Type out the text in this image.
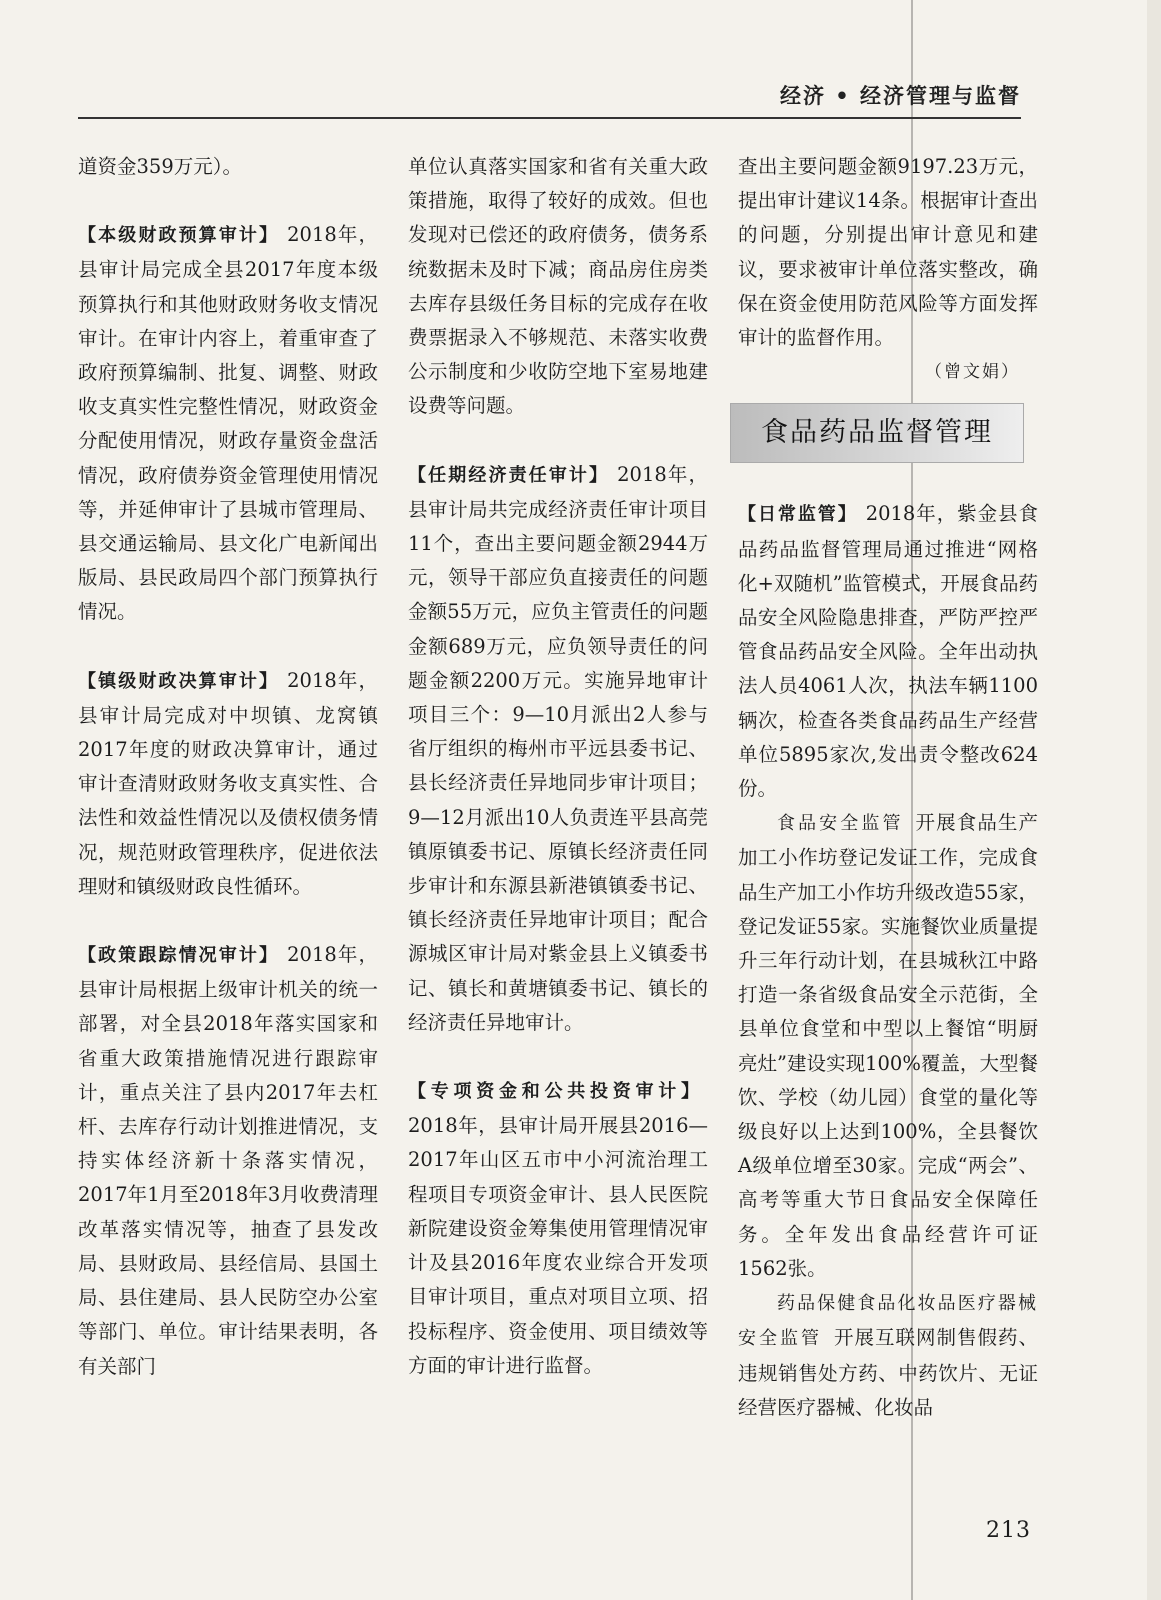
经济 • 经济管理与监督

道资金359万元）。

【本级财政预算审计】 2018年，县审计局完成全县2017年度本级预算执行和其他财政财务收支情况审计。在审计内容上，着重审查了政府预算编制、批复、调整、财政收支真实性完整性情况，财政资金分配使用情况，财政存量资金盘活情况，政府债券资金管理使用情况等，并延伸审计了县城市管理局、县交通运输局、县文化广电新闻出版局、县民政局四个部门预算执行情况。

【镇级财政决算审计】 2018年，县审计局完成对中坝镇、龙窝镇2017年度的财政决算审计，通过审计查清财政财务收支真实性、合法性和效益性情况以及债权债务情况，规范财政管理秩序，促进依法理财和镇级财政良性循环。

【政策跟踪情况审计】 2018年，县审计局根据上级审计机关的统一部署，对全县2018年落实国家和省重大政策措施情况进行跟踪审计，重点关注了县内2017年去杠杆、去库存行动计划推进情况，支持实体经济新十条落实情况，2017年1月至2018年3月收费清理改革落实情况等，抽查了县发改局、县财政局、县经信局、县国土局、县住建局、县人民防空办公室等部门、单位。审计结果表明，各有关部门

单位认真落实国家和省有关重大政策措施，取得了较好的成效。但也发现对已偿还的政府债务，债务系统数据未及时下减；商品房住房类去库存县级任务目标的完成存在收费票据录入不够规范、未落实收费公示制度和少收防空地下室易地建设费等问题。

【任期经济责任审计】 2018年，县审计局共完成经济责任审计项目11个，查出主要问题金额2944万元，领导干部应负直接责任的问题金额55万元，应负主管责任的问题金额689万元，应负领导责任的问题金额2200万元。实施异地审计项目三个：9—10月派出2人参与省厅组织的梅州市平远县委书记、县长经济责任异地同步审计项目；9—12月派出10人负责连平县高莞镇原镇委书记、原镇长经济责任同步审计和东源县新港镇镇委书记、镇长经济责任异地审计项目；配合源城区审计局对紫金县上义镇委书记、镇长和黄塘镇委书记、镇长的经济责任异地审计。

【专项资金和公共投资审计】2018年，县审计局开展县2016—2017年山区五市中小河流治理工程项目专项资金审计、县人民医院新院建设资金筹集使用管理情况审计及县2016年度农业综合开发项目审计项目，重点对项目立项、招投标程序、资金使用、项目绩效等方面的审计进行监督。

查出主要问题金额9197.23万元，提出审计建议14条。根据审计查出的问题，分别提出审计意见和建议，要求被审计单位落实整改，确保在资金使用防范风险等方面发挥审计的监督作用。

（曾文娟）
食品药品监督管理

【日常监管】 2018年，紫金县食品药品监督管理局通过推进“网格化+双随机”监管模式，开展食品药品安全风险隐患排查，严防严控严管食品药品安全风险。全年出动执法人员4061人次，执法车辆1100辆次，检查各类食品药品生产经营单位5895家次,发出责令整改624份。

食品安全监管 开展食品生产加工小作坊登记发证工作，完成食品生产加工小作坊升级改造55家，登记发证55家。实施餐饮业质量提升三年行动计划，在县城秋江中路打造一条省级食品安全示范街，全县单位食堂和中型以上餐馆“明厨亮灶”建设实现100%覆盖，大型餐饮、学校（幼儿园）食堂的量化等级良好以上达到100%，全县餐饮A级单位增至30家。完成“两会”、高考等重大节日食品安全保障任务。全年发出食品经营许可证1562张。

药品保健食品化妆品医疗器械安全监管 开展互联网制售假药、违规销售处方药、中药饮片、无证经营医疗器械、化妆品

213
